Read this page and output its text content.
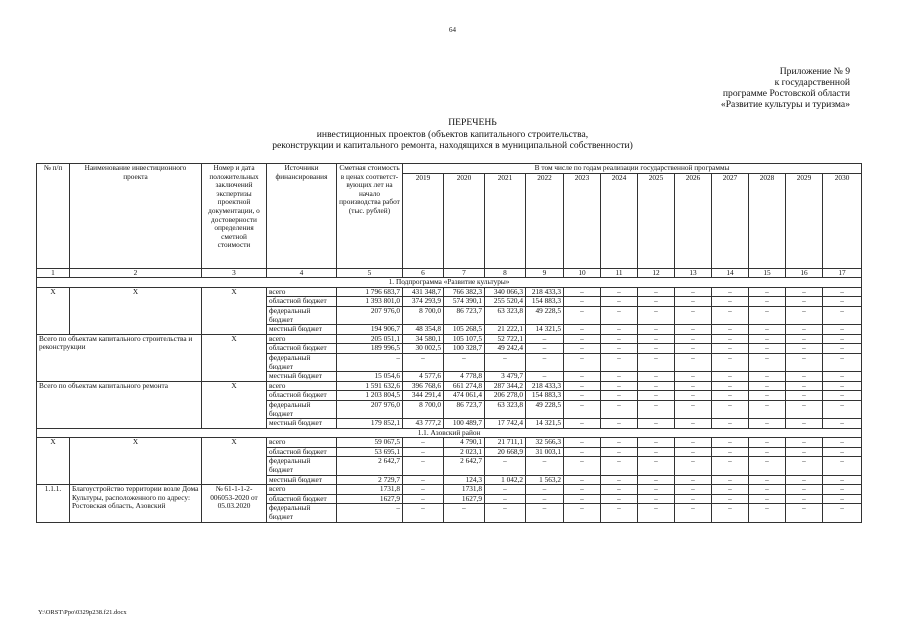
64
Приложение № 9
к государственной
программе Ростовской области
«Развитие культуры и туризма»
ПЕРЕЧЕНЬ
инвестиционных проектов (объектов капитального строительства,
реконструкции и капитального ремонта, находящихся в муниципальной собственности)
№ п/п	Наименование инвестиционного проекта	Номер и дата положительных заключений экспертизы проектной документации, о достоверности определения сметной стоимости	Источники финансирования	Сметная стоимость в ценах соответст-вующих лет на начало производства работ (тыс. рублей)	В том числе по годам реализации государственной программы											
					2019	2020	2021	2022	2023	2024	2025	2026	2027	2028	2029	2030
1	2	3	4	5	6	7	8	9	10	11	12	13	14	15	16	17
1. Подпрограмма «Развитие культуры»																
Х	Х	Х	всего	1 796 683,7	431 348,7	766 382,3	340 066,3	218 433,3	–	–	–	–	–	–	–	–
			областной бюджет	1 393 801,0	374 293,9	574 390,1	255 520,4	154 883,3	–	–	–	–	–	–	–	–
			федеральный бюджет	207 976,0	8 700,0	86 723,7	63 323,8	49 228,5	–	–	–	–	–	–	–	–
			местный бюджет	194 906,7	48 354,8	105 268,5	21 222,1	14 321,5	–	–	–	–	–	–	–	–
Всего по объектам капитального строительства и реконструкции		Х	всего	205 051,1	34 580,1	105 107,5	52 722,1	–	–	–	–	–	–	–	–	–
			областной бюджет	189 996,5	30 002,5	100 328,7	49 242,4	–	–	–	–	–	–	–	–	–
			федеральный бюджет	–	–	–	–	–	–	–	–	–	–	–	–	–
			местный бюджет	15 054,6	4 577,6	4 778,8	3 479,7	–	–	–	–	–	–	–	–	–
Всего по объектам капитального ремонта		Х	всего	1 591 632,6	396 768,6	661 274,8	287 344,2	218 433,3	–	–	–	–	–	–	–	–
			областной бюджет	1 203 804,5	344 291,4	474 061,4	206 278,0	154 883,3	–	–	–	–	–	–	–	–
			федеральный бюджет	207 976,0	8 700,0	86 723,7	63 323,8	49 228,5	–	–	–	–	–	–	–	–
			местный бюджет	179 852,1	43 777,2	100 489,7	17 742,4	14 321,5	–	–	–	–	–	–	–	–
1.1. Азовский район																
Х	Х	Х	всего	59 067,5	–	4 790,1	21 711,1	32 566,3	–	–	–	–	–	–	–	–
			областной бюджет	53 695,1	–	2 023,1	20 668,9	31 003,1	–	–	–	–	–	–	–	–
			федеральный бюджет	2 642,7	–	2 642,7	–	–	–	–	–	–	–	–	–	–
			местный бюджет	2 729,7	–	124,3	1 042,2	1 563,2	–	–	–	–	–	–	–	–
1.1.1.	Благоустройство территории возле Дома Культуры, расположенного по адресу: Ростовская область, Азовский	№ 61-1-1-2-006053-2020 от 05.03.2020	всего	1731,8	–	1731,8	–	–	–	–	–	–	–	–	–	–
			областной бюджет	1627,9	–	1627,9	–	–	–	–	–	–	–	–	–	–
			федеральный бюджет	–	–	–	–	–	–	–	–	–	–	–	–	–
Y:\ORST\Ppo\0329p238.f21.docx
